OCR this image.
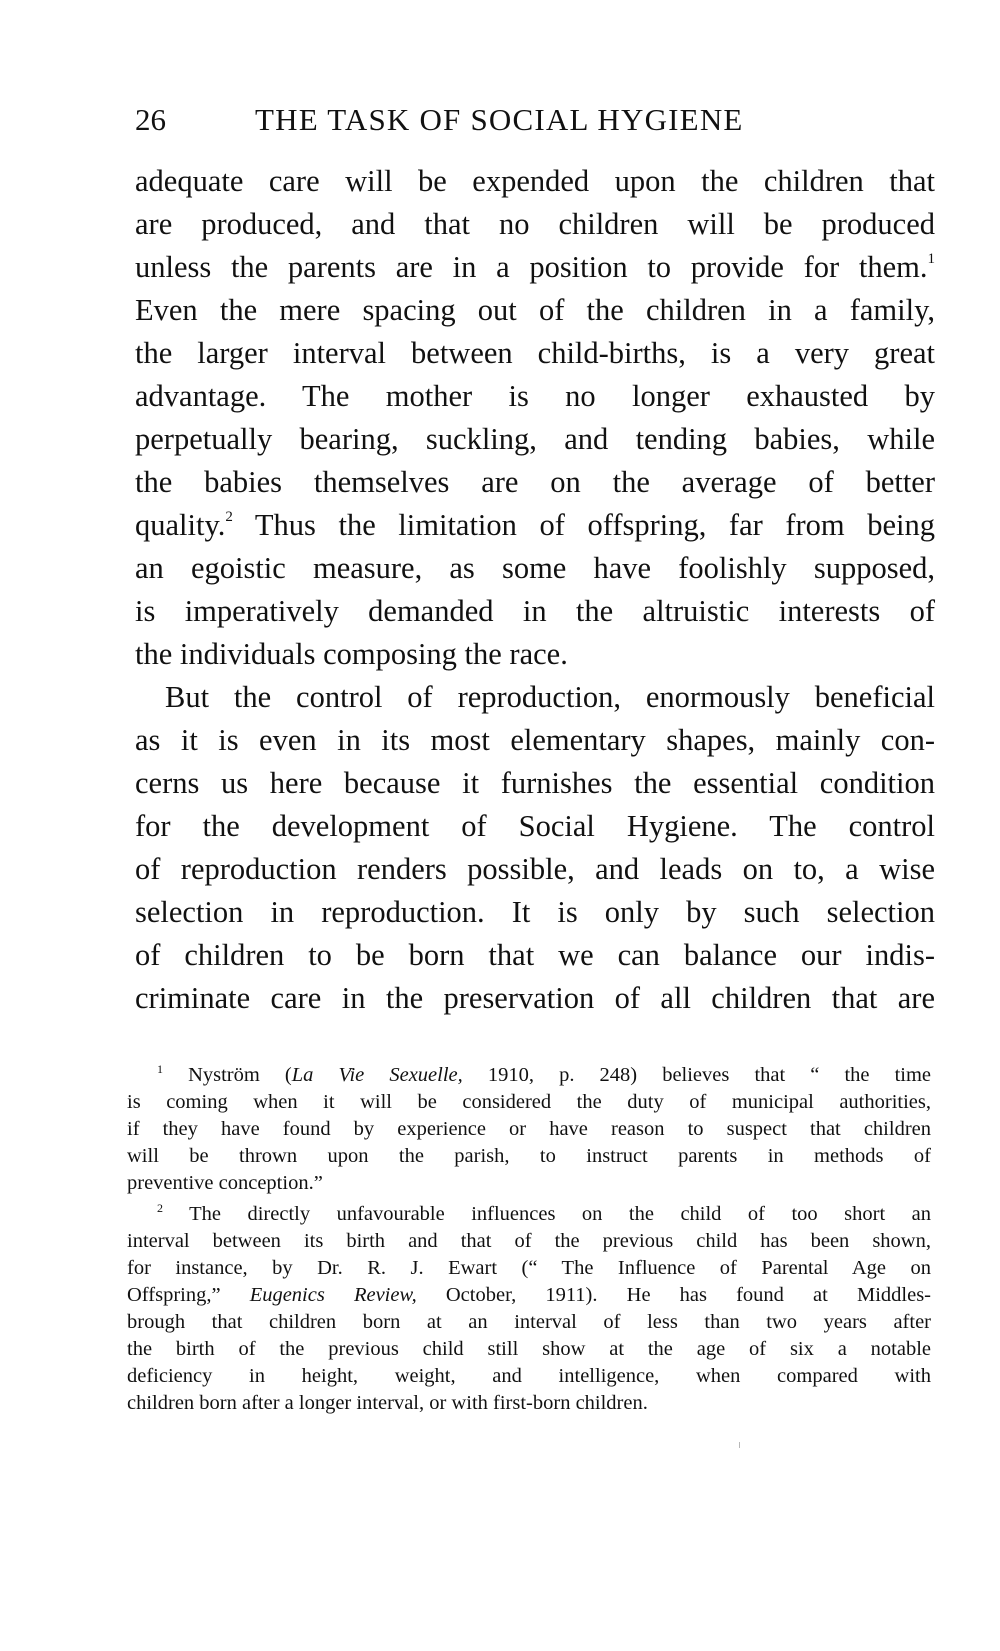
26	THE TASK OF SOCIAL HYGIENE
adequate care will be expended upon the children that
are produced, and that no children will be produced
unless the parents are in a position to provide for them.$^1$
Even the mere spacing out of the children in a family,
the larger interval between child-births, is a very great
advantage. The mother is no longer exhausted by
perpetually bearing, suckling, and tending babies, while
the babies themselves are on the average of better
quality.$^2$ Thus the limitation of offspring, far from being
an egoistic measure, as some have foolishly supposed,
is imperatively demanded in the altruistic interests of
the individuals composing the race.
But the control of reproduction, enormously beneficial
as it is even in its most elementary shapes, mainly con-
cerns us here because it furnishes the essential condition
for the development of Social Hygiene. The control
of reproduction renders possible, and leads on to, a wise
selection in reproduction. It is only by such selection
of children to be born that we can balance our indis-
criminate care in the preservation of all children that are
$^1$ Nyström (La Vie Sexuelle, 1910, p. 248) believes that “ the time
is coming when it will be considered the duty of municipal authorities,
if they have found by experience or have reason to suspect that children
will be thrown upon the parish, to instruct parents in methods of
preventive conception.”
$^2$ The directly unfavourable influences on the child of too short an
interval between its birth and that of the previous child has been shown,
for instance, by Dr. R. J. Ewart (“ The Influence of Parental Age on
Offspring,” Eugenics Review, October, 1911). He has found at Middles-
brough that children born at an interval of less than two years after
the birth of the previous child still show at the age of six a notable
deficiency in height, weight, and intelligence, when compared with
children born after a longer interval, or with first-born children.
